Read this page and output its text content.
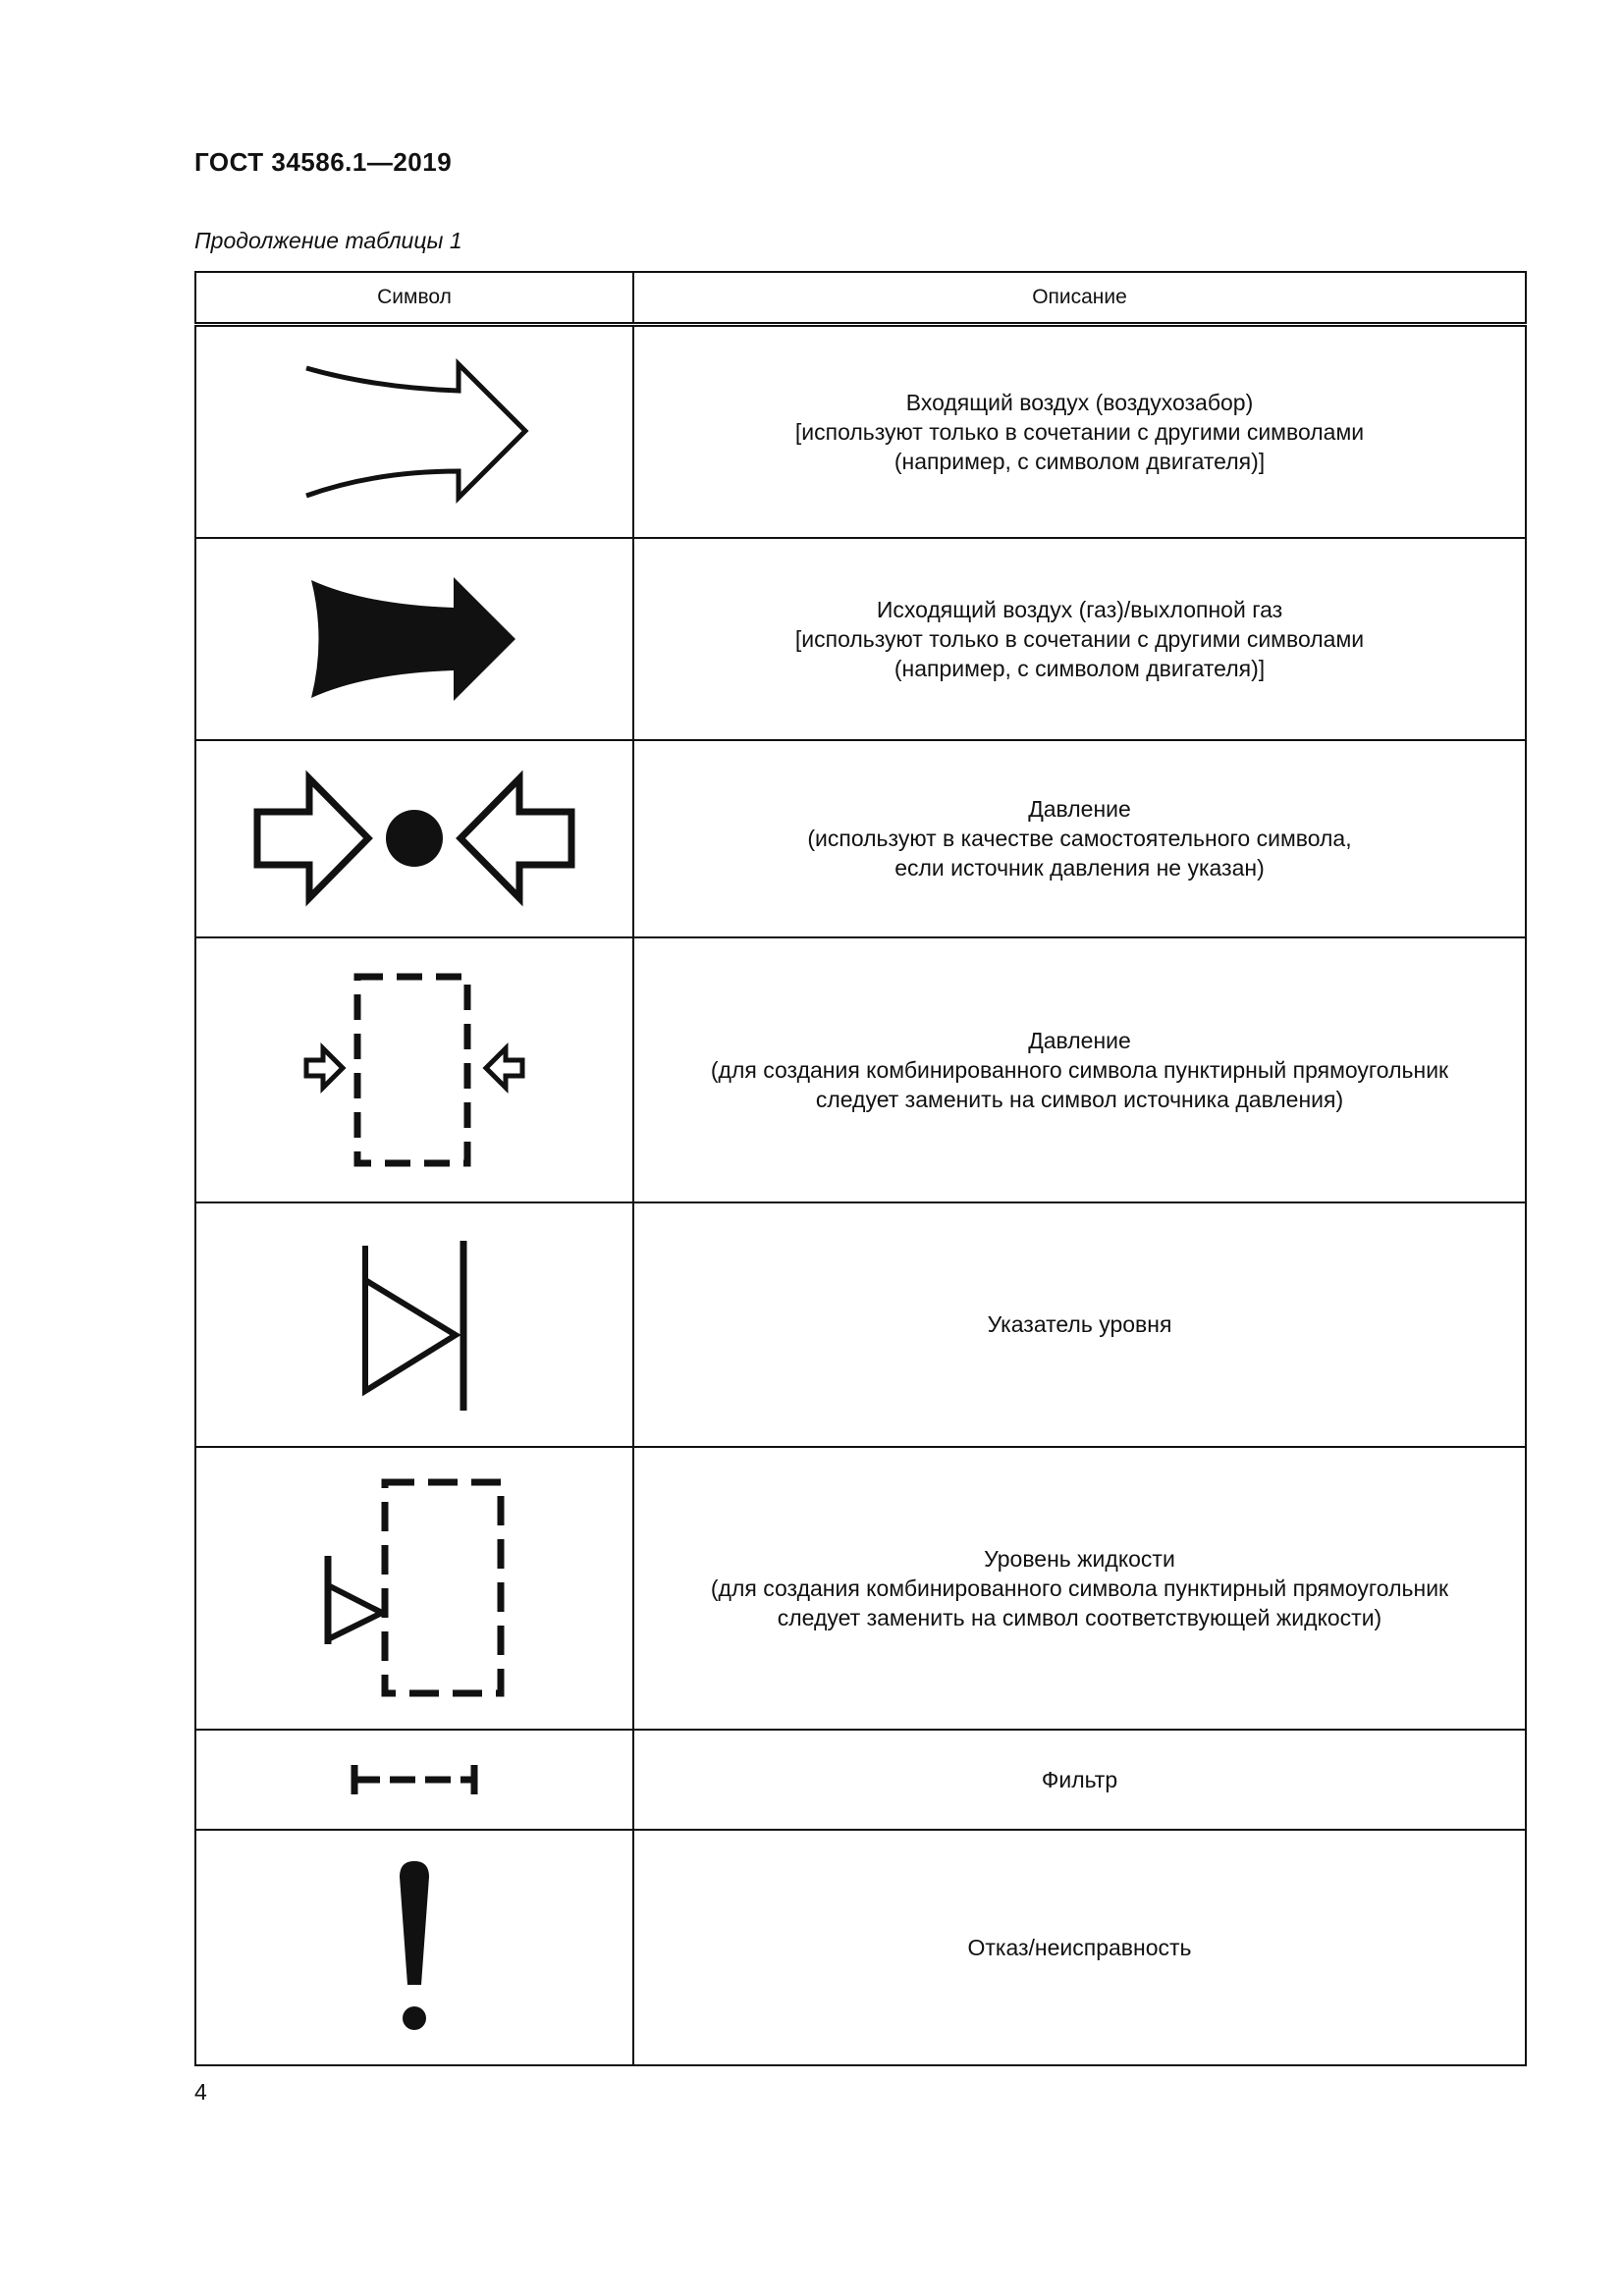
ГОСТ 34586.1—2019
Продолжение таблицы 1
Символ	Описание

Входящий воздух (воздухозабор)
[используют только в сочетании с другими символами
(например, с символом двигателя)]

Исходящий воздух (газ)/выхлопной газ
[используют только в сочетании с другими символами
(например, с символом двигателя)]

Давление
(используют в качестве самостоятельного символа,
если источник давления не указан)

Давление
(для создания комбинированного символа пунктирный прямоугольник
следует заменить на символ источника давления)

Указатель уровня

Уровень жидкости
(для создания комбинированного символа пунктирный прямоугольник
следует заменить на символ соответствующей жидкости)

Фильтр

Отказ/неисправность
4
